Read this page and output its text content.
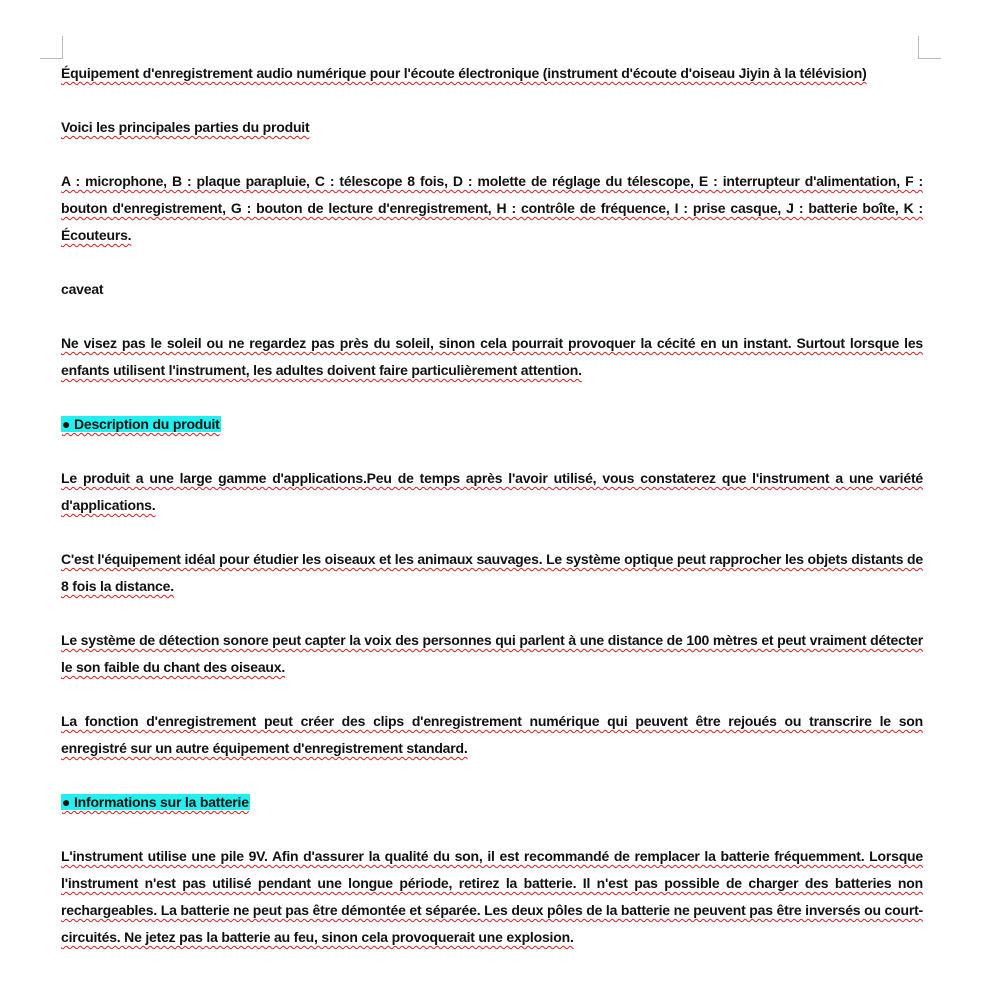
Équipement d'enregistrement audio numérique pour l'écoute électronique (instrument d'écoute d'oiseau Jiyin à la télévision)

Voici les principales parties du produit

A : microphone, B : plaque parapluie, C : télescope 8 fois, D : molette de réglage du télescope, E : interrupteur d'alimentation, F : bouton d'enregistrement, G : bouton de lecture d'enregistrement, H : contrôle de fréquence, I : prise casque, J : batterie boîte, K : Écouteurs.

caveat

Ne visez pas le soleil ou ne regardez pas près du soleil, sinon cela pourrait provoquer la cécité en un instant. Surtout lorsque les enfants utilisent l'instrument, les adultes doivent faire particulièrement attention.

● Description du produit

Le produit a une large gamme d'applications.Peu de temps après l'avoir utilisé, vous constaterez que l'instrument a une variété d'applications.

C'est l'équipement idéal pour étudier les oiseaux et les animaux sauvages. Le système optique peut rapprocher les objets distants de 8 fois la distance.

Le système de détection sonore peut capter la voix des personnes qui parlent à une distance de 100 mètres et peut vraiment détecter le son faible du chant des oiseaux.

La fonction d'enregistrement peut créer des clips d'enregistrement numérique qui peuvent être rejoués ou transcrire le son enregistré sur un autre équipement d'enregistrement standard.

● Informations sur la batterie

L'instrument utilise une pile 9V. Afin d'assurer la qualité du son, il est recommandé de remplacer la batterie fréquemment. Lorsque l'instrument n'est pas utilisé pendant une longue période, retirez la batterie. Il n'est pas possible de charger des batteries non rechargeables. La batterie ne peut pas être démontée et séparée. Les deux pôles de la batterie ne peuvent pas être inversés ou court-circuités. Ne jetez pas la batterie au feu, sinon cela provoquerait une explosion.
